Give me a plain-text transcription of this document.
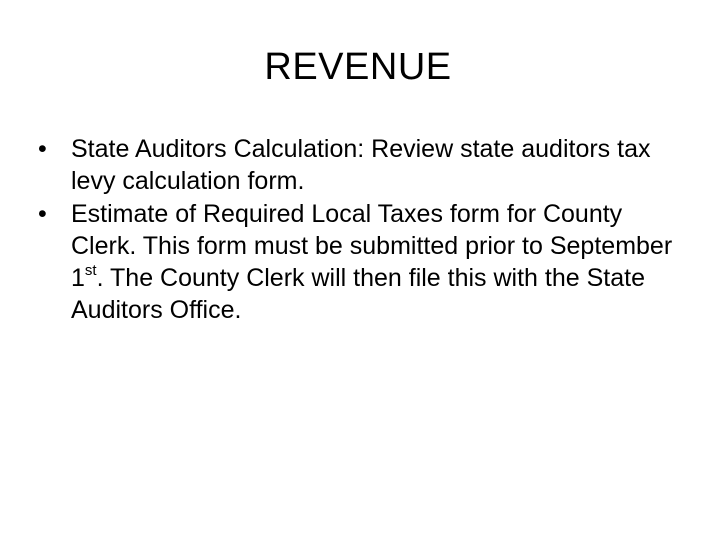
REVENUE
• State Auditors Calculation: Review state auditors tax levy calculation form.
• Estimate of Required Local Taxes form for County Clerk. This form must be submitted prior to September 1st. The County Clerk will then file this with the State Auditors Office.
